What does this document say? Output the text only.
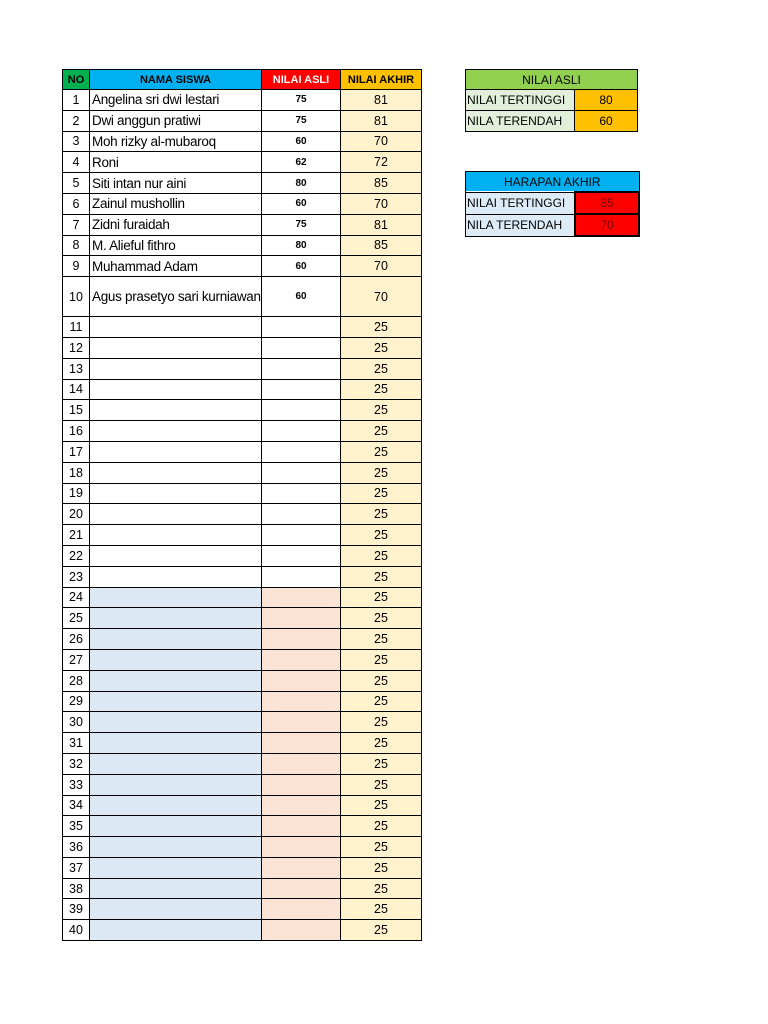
NO	NAMA SISWA	NILAI ASLI	NILAI AKHIR
1	Angelina sri dwi lestari	75	81
2	Dwi anggun pratiwi	75	81
3	Moh rizky al-mubaroq	60	70
4	Roni	62	72
5	Siti intan nur aini	80	85
6	Zainul mushollin	60	70
7	Zidni furaidah	75	81
8	M. Alieful fithro	80	85
9	Muhammad Adam	60	70
10	Agus prasetyo sari kurniawan	60	70
11			25
12			25
13			25
14			25
15			25
16			25
17			25
18			25
19			25
20			25
21			25
22			25
23			25
24			25
25			25
26			25
27			25
28			25
29			25
30			25
31			25
32			25
33			25
34			25
35			25
36			25
37			25
38			25
39			25
40			25
NILAI ASLI	
NILAI TERTINGGI	80
NILA TERENDAH	60
HARAPAN AKHIR	
NILAI TERTINGGI	85
NILA TERENDAH	70
